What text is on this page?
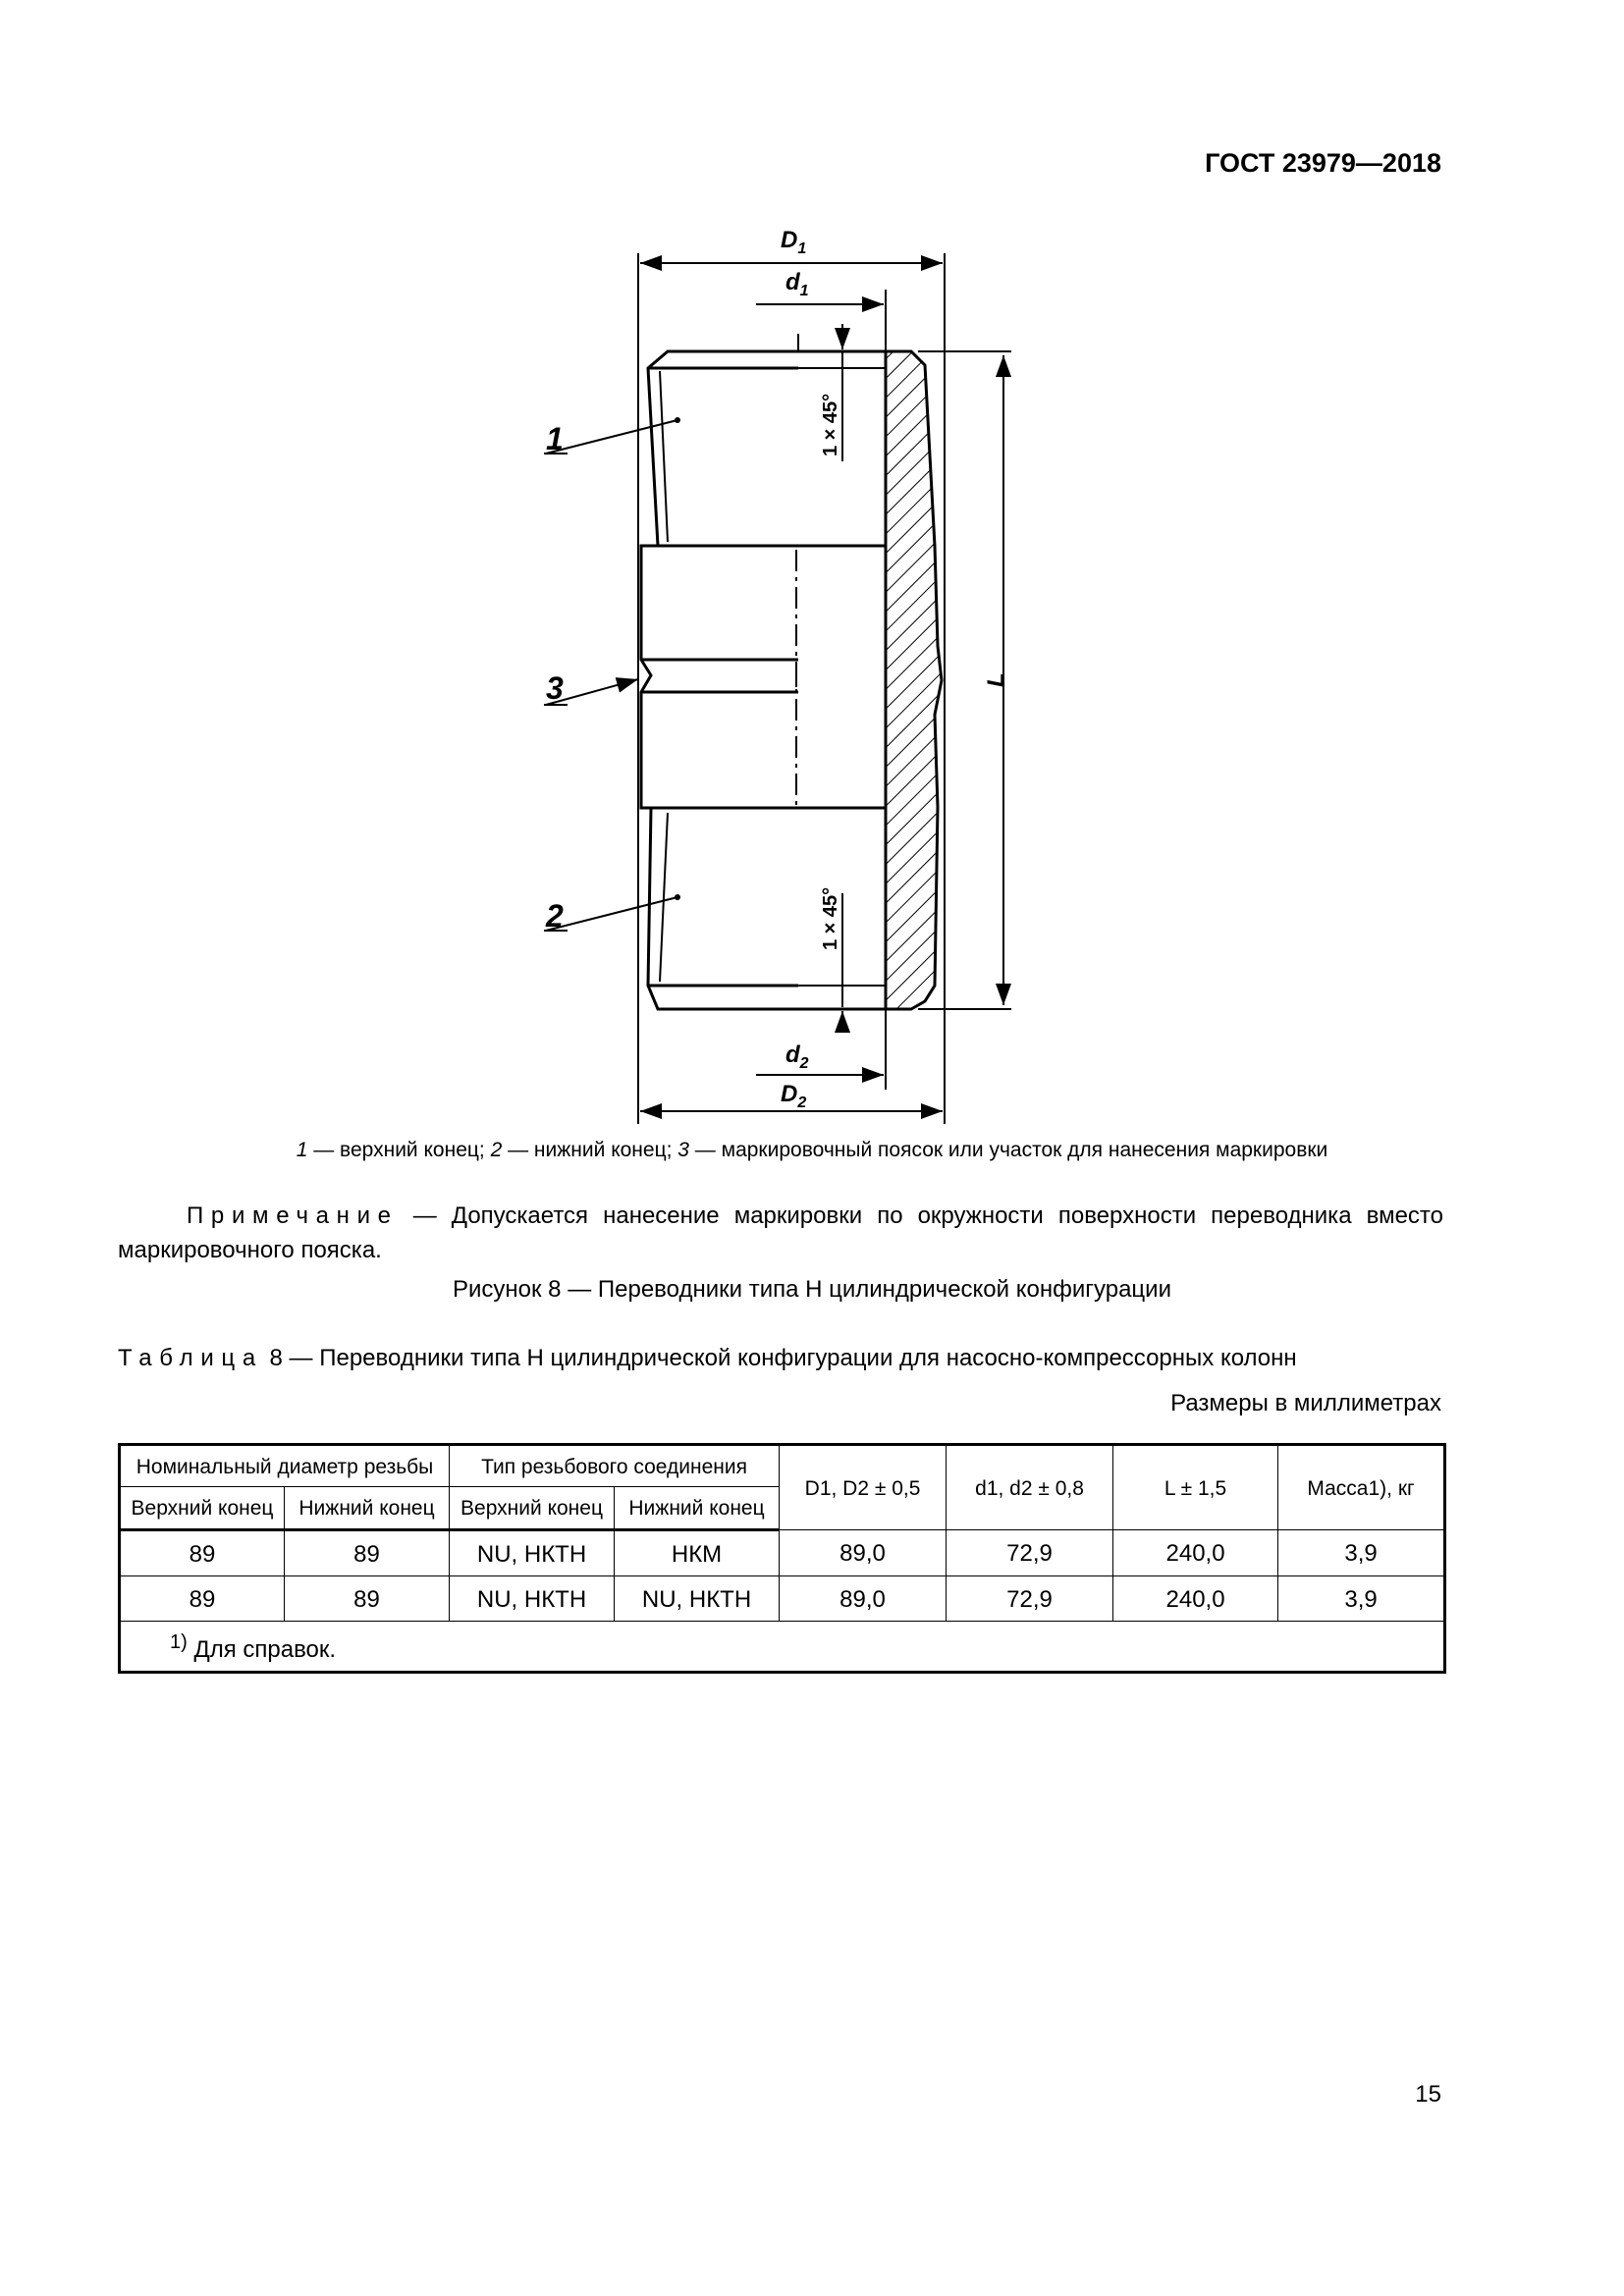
ГОСТ 23979—2018
$D_1$
$d_1$
$d_2$
$D_2$
L
1 × 45°
1 × 45°
1
3
2
1 — верхний конец; 2 — нижний конец; 3 — маркировочный поясок или участок для нанесения маркировки
Примечание — Допускается нанесение маркировки по окружности поверхности переводника вместо маркировочного пояска.
Рисунок 8 — Переводники типа Н цилиндрической конфигурации
Таблица 8 — Переводники типа Н цилиндрической конфигурации для насосно-компрессорных колонн
Размеры в миллиметрах
Номинальный диаметр резьбы		Тип резьбового соединения		D1, D2 ± 0,5	d1, d2 ± 0,8	L ± 1,5	Масса1), кг
Верхний конец	Нижний конец	Верхний конец	Нижний конец				
89	89	NU, НКТН	НКМ	89,0	72,9	240,0	3,9
89	89	NU, НКТН	NU, НКТН	89,0	72,9	240,0	3,9
$^{1)}$ Для справок.							
15
